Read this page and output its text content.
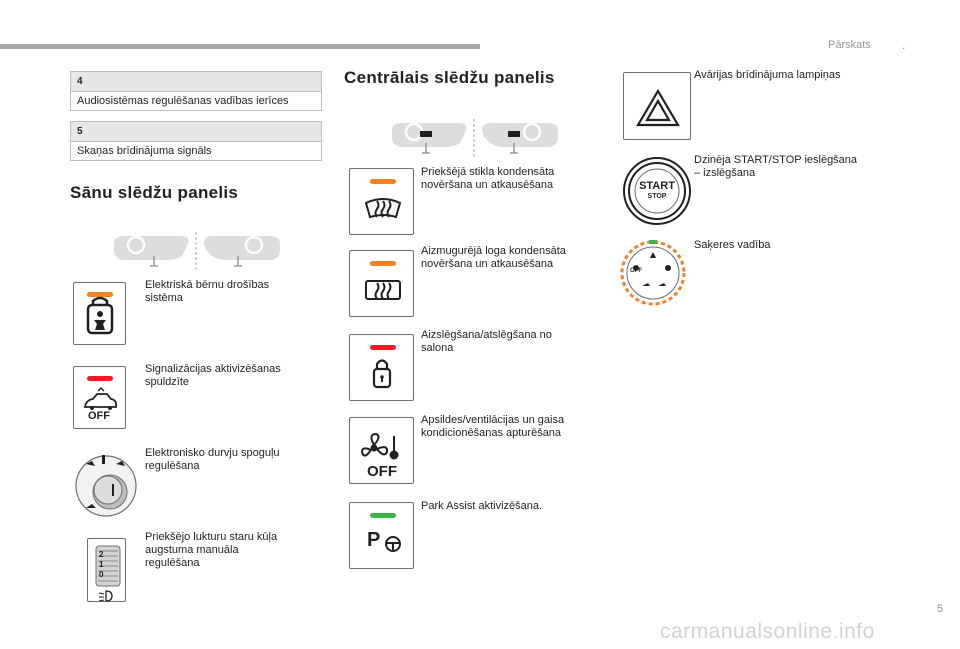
Pārskats	.
4
Audiosistēmas regulēšanas vadības ierīces
5
Skaņas brīdinājuma signāls
Sānu slēdžu panelis
Elektriskā bērnu drošības sistēma
OFF
Signalizācijas aktivizēšanas spuldzīte
Elektronisko durvju spoguļu regulēšana
2
1
0
Priekšējo lukturu staru kūļa augstuma manuāla regulēšana
Centrālais slēdžu panelis
Priekšējā stikla kondensāta novēršana un atkausēšana
Aizmugurējā loga kondensāta novēršana un atkausēšana
Aizslēgšana/atslēgšana no salona
OFF
Apsildes/ventilācijas un gaisa kondicionēšanas apturēšana
P
Park Assist aktivizēšana.
Avārijas brīdinājuma lampiņas
START
STOP
Dzinēja START/STOP ieslēgšana – izslēgšana
OFF
Saķeres vadība
5
carmanualsonline.info
